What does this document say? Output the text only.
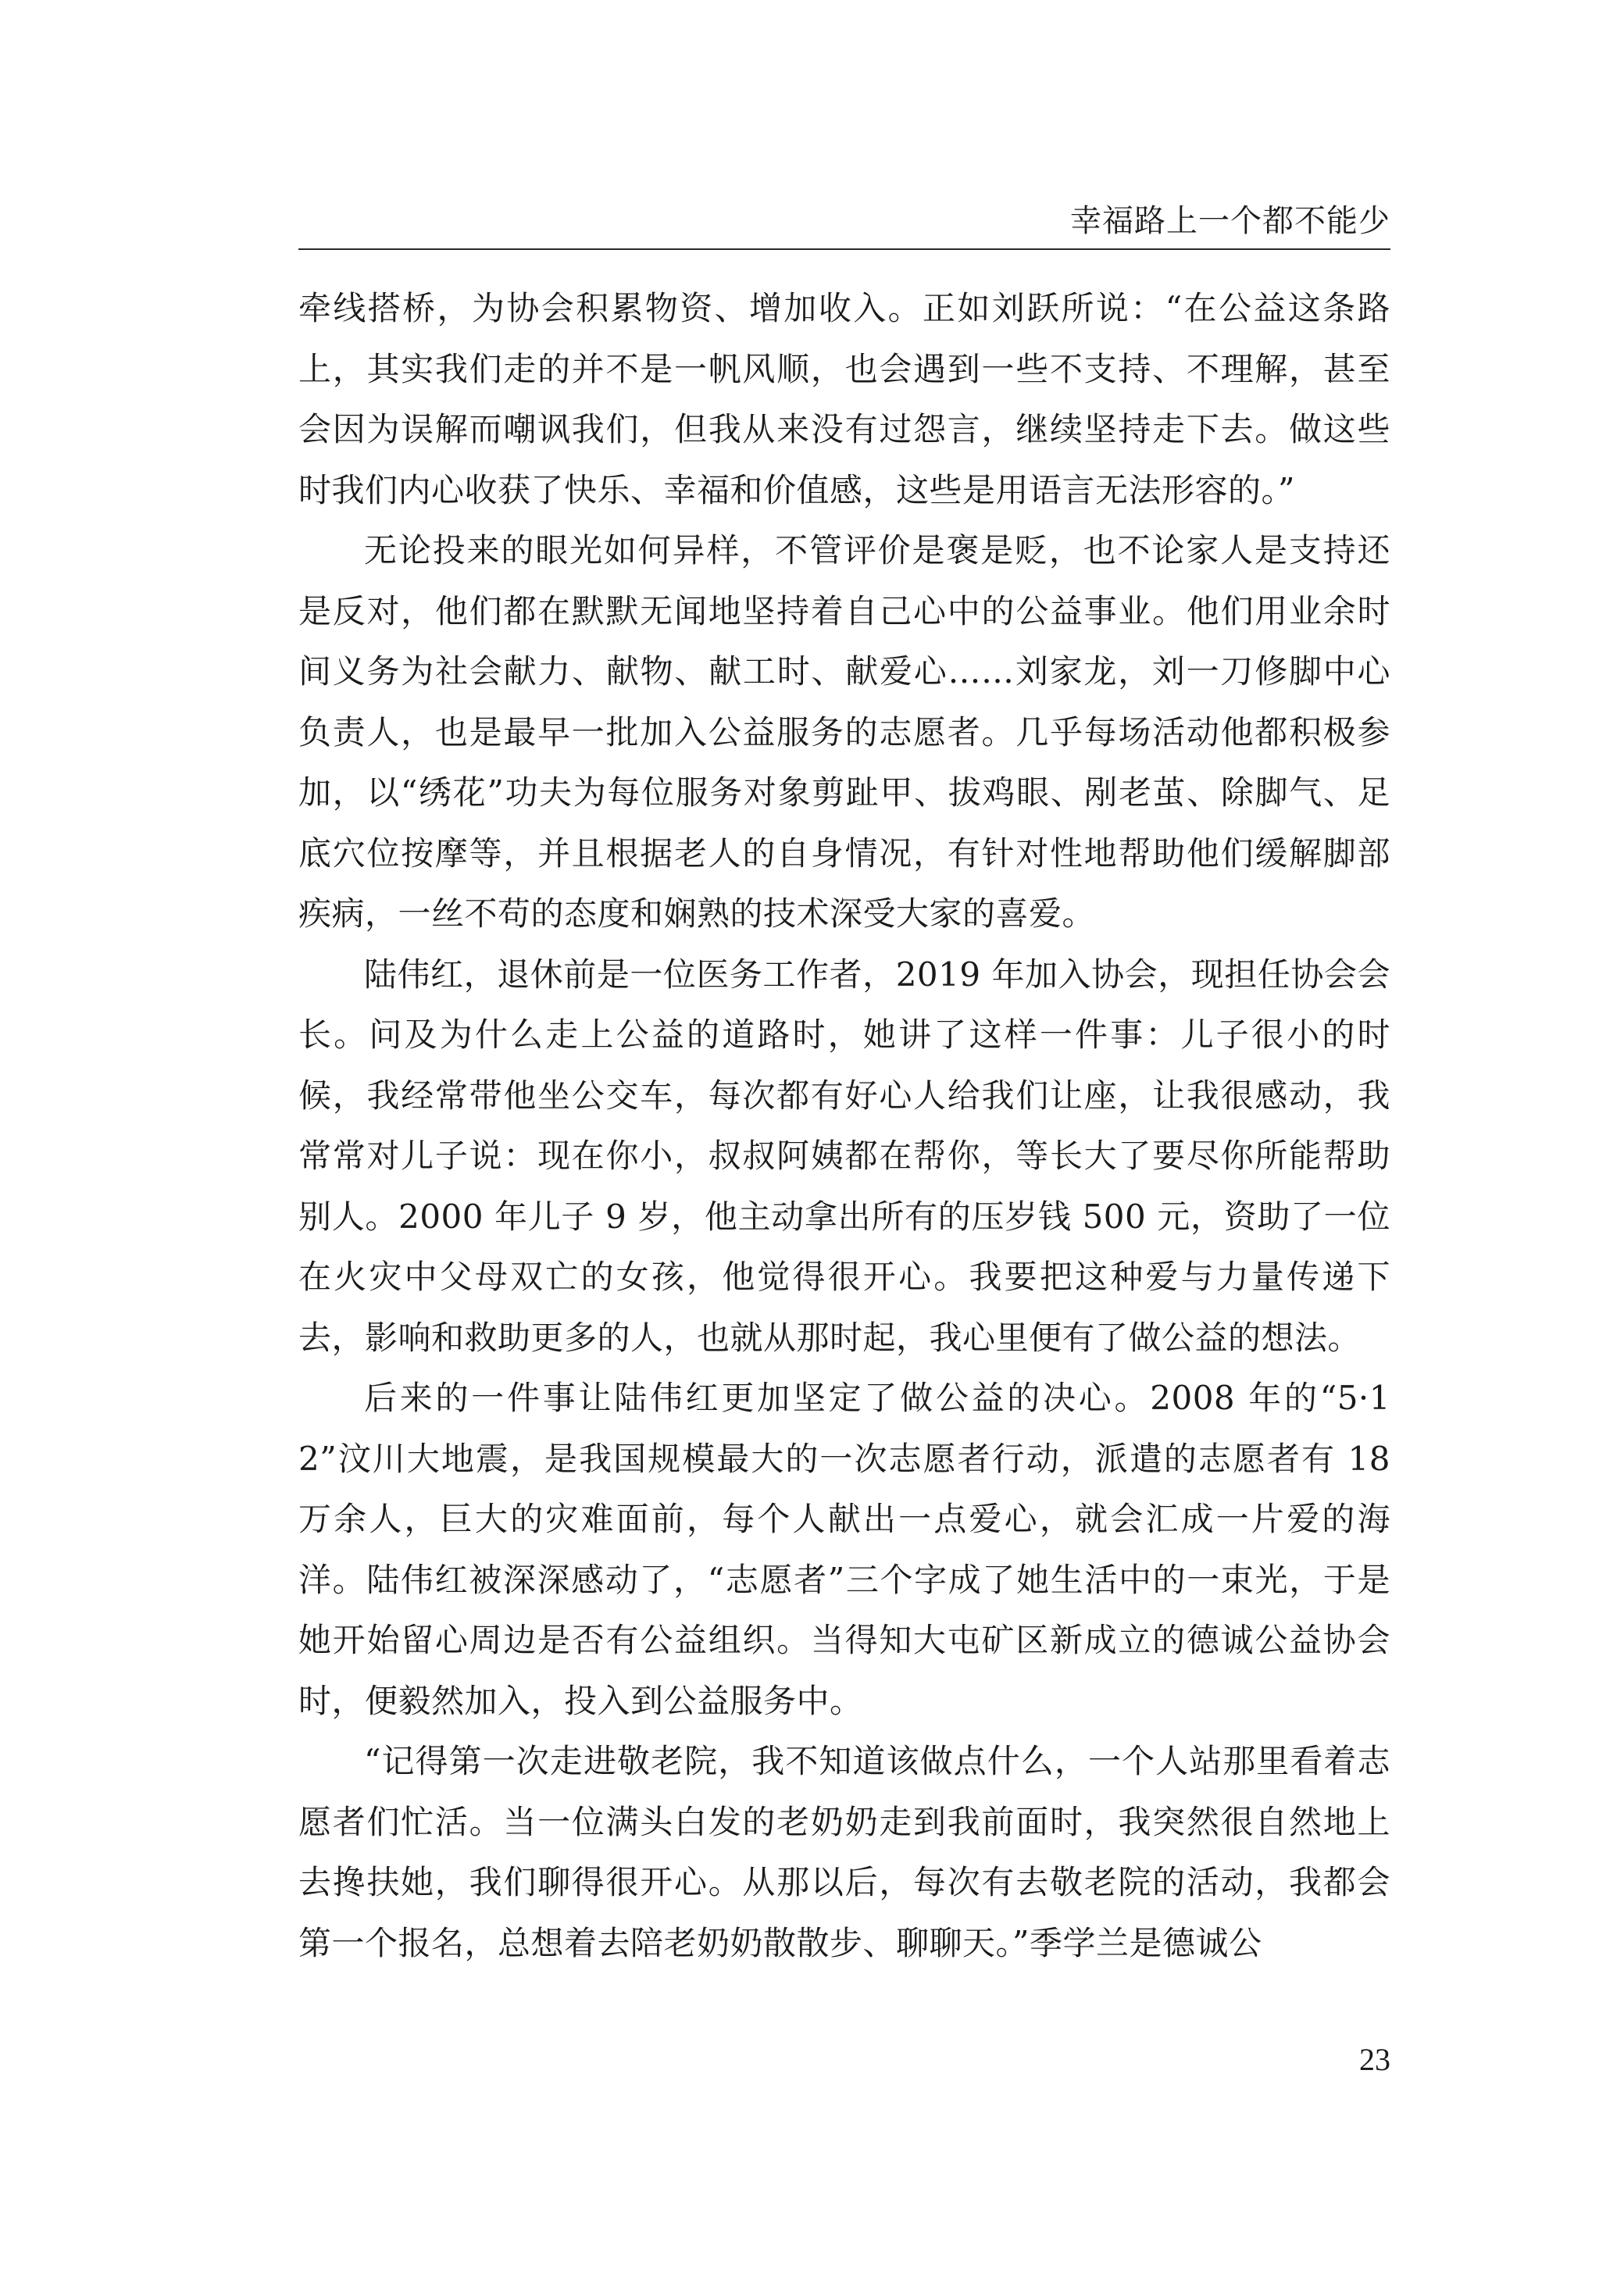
幸福路上一个都不能少

牵线搭桥，为协会积累物资、增加收入。正如刘跃所说：“在公益这条路上，其实我们走的并不是一帆风顺，也会遇到一些不支持、不理解，甚至会因为误解而嘲讽我们，但我从来没有过怨言，继续坚持走下去。做这些时我们内心收获了快乐、幸福和价值感，这些是用语言无法形容的。”

无论投来的眼光如何异样，不管评价是褒是贬，也不论家人是支持还是反对，他们都在默默无闻地坚持着自己心中的公益事业。他们用业余时间义务为社会献力、献物、献工时、献爱心……刘家龙，刘一刀修脚中心负责人，也是最早一批加入公益服务的志愿者。几乎每场活动他都积极参加，以“绣花”功夫为每位服务对象剪趾甲、拔鸡眼、剐老茧、除脚气、足底穴位按摩等，并且根据老人的自身情况，有针对性地帮助他们缓解脚部疾病，一丝不苟的态度和娴熟的技术深受大家的喜爱。

陆伟红，退休前是一位医务工作者，2019 年加入协会，现担任协会会长。问及为什么走上公益的道路时，她讲了这样一件事：儿子很小的时候，我经常带他坐公交车，每次都有好心人给我们让座，让我很感动，我常常对儿子说：现在你小，叔叔阿姨都在帮你，等长大了要尽你所能帮助别人。2000 年儿子 9 岁，他主动拿出所有的压岁钱 500 元，资助了一位在火灾中父母双亡的女孩，他觉得很开心。我要把这种爱与力量传递下去，影响和救助更多的人，也就从那时起，我心里便有了做公益的想法。

后来的一件事让陆伟红更加坚定了做公益的决心。2008 年的“5·12”汶川大地震，是我国规模最大的一次志愿者行动，派遣的志愿者有 18 万余人，巨大的灾难面前，每个人献出一点爱心，就会汇成一片爱的海洋。陆伟红被深深感动了，“志愿者”三个字成了她生活中的一束光，于是她开始留心周边是否有公益组织。当得知大屯矿区新成立的德诚公益协会时，便毅然加入，投入到公益服务中。

“记得第一次走进敬老院，我不知道该做点什么，一个人站那里看着志愿者们忙活。当一位满头白发的老奶奶走到我前面时，我突然很自然地上去搀扶她，我们聊得很开心。从那以后，每次有去敬老院的活动，我都会第一个报名，总想着去陪老奶奶散散步、聊聊天。”季学兰是德诚公

23
